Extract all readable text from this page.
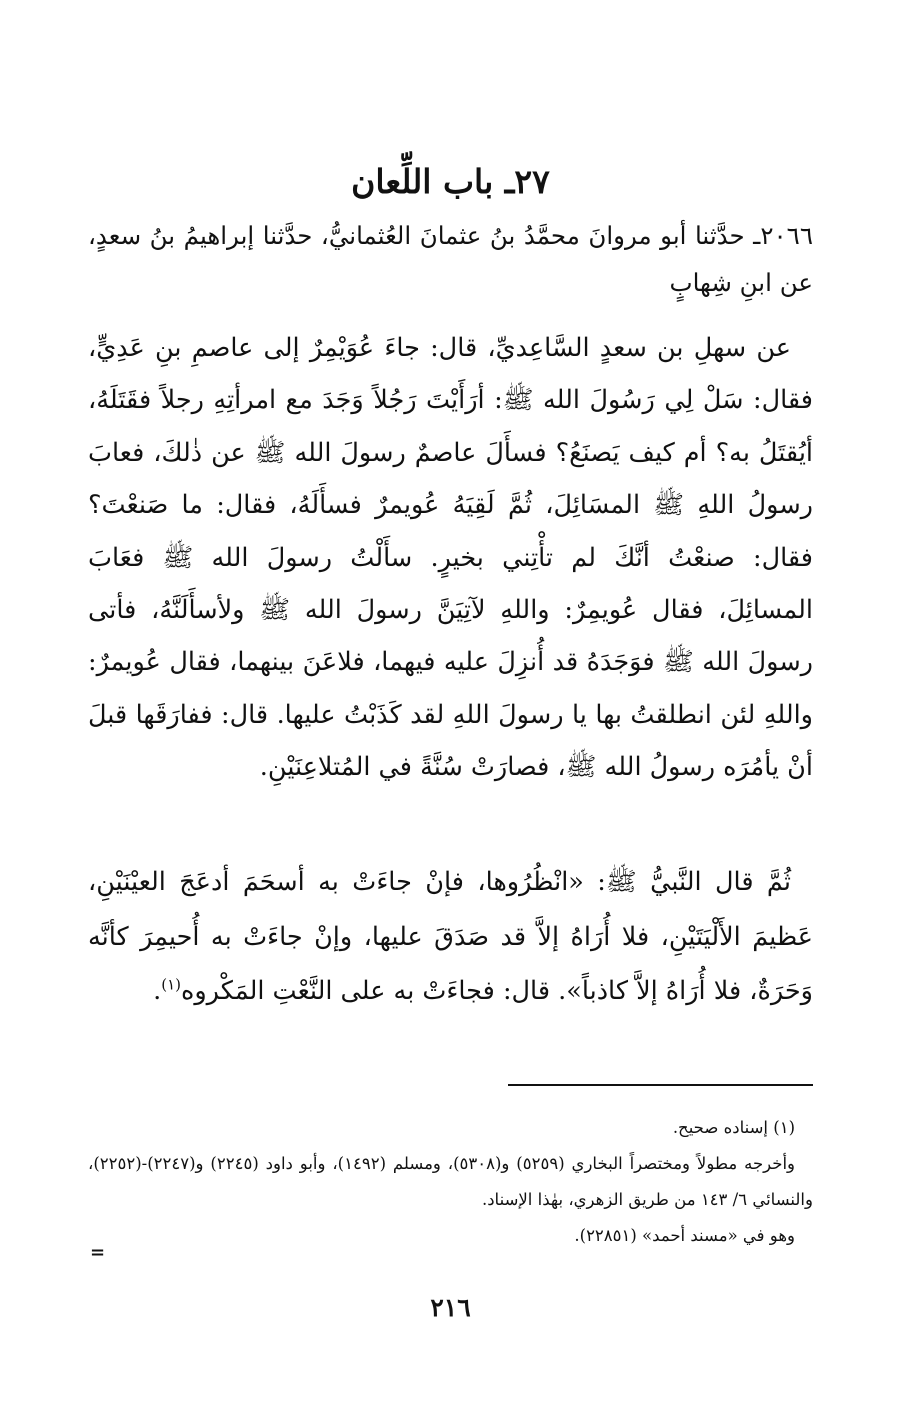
٢٧ـ باب اللِّعان

٢٠٦٦ـ حدَّثنا أبو مروانَ محمَّدُ بنُ عثمانَ العُثمانيُّ، حدَّثنا إبراهيمُ بنُ سعدٍ، عن ابنِ شِهابٍ

عن سهلِ بن سعدٍ السَّاعِديِّ، قال: جاءَ عُوَيْمِرٌ إلى عاصمِ بنِ عَدِيٍّ، فقال: سَلْ لِي رَسُولَ الله ﷺ: أرَأَيْتَ رَجُلاً وَجَدَ مع امرأتِهِ رجلاً فقَتَلَهُ، أيُقتَلُ به؟ أم كيف يَصنَعُ؟ فسأَلَ عاصمٌ رسولَ الله ﷺ عن ذٰلكَ، فعابَ رسولُ اللهِ ﷺ المسَائِلَ، ثُمَّ لَقِيَهُ عُويمرٌ فسأَلَهُ، فقال: ما صَنعْتَ؟ فقال: صنعْتُ أنَّكَ لم تأْتِني بخيرٍ. سأَلْتُ رسولَ الله ﷺ فعَابَ المسائِلَ، فقال عُويمِرٌ: واللهِ لآتِيَنَّ رسولَ الله ﷺ ولأسأَلَنَّهُ، فأتى رسولَ الله ﷺ فوَجَدَهُ قد أُنزِلَ عليه فيهما، فلاعَنَ بينهما، فقال عُويمرٌ: واللهِ لئن انطلقتُ بها يا رسولَ اللهِ لقد كَذَبْتُ عليها. قال: ففارَقَها قبلَ أنْ يأمُرَه رسولُ الله ﷺ، فصارَتْ سُنَّةً في المُتلاعِنَيْنِ.

ثُمَّ قال النَّبيُّ ﷺ: «انْظُرُوها، فإنْ جاءَتْ به أسحَمَ أدعَجَ العيْنَيْنِ، عَظيمَ الأَلْيَتَيْنِ، فلا أُرَاهُ إلاَّ قد صَدَقَ عليها، وإنْ جاءَتْ به أُحيمِرَ كأنَّه وَحَرَةٌ، فلا أُرَاهُ إلاَّ كاذباً». قال: فجاءَتْ به على النَّعْتِ المَكْروه$^{(١)}$.

(١) إسناده صحيح.

وأخرجه مطولاً ومختصراً البخاري (٥٢٥٩) و(٥٣٠٨)، ومسلم (١٤٩٢)، وأبو داود (٢٢٤٥) و(٢٢٤٧)-(٢٢٥٢)، والنسائي ٦/ ١٤٣ من طريق الزهري، بهٰذا الإسناد.

وهو في «مسند أحمد» (٢٢٨٥١).

=
٢١٦
